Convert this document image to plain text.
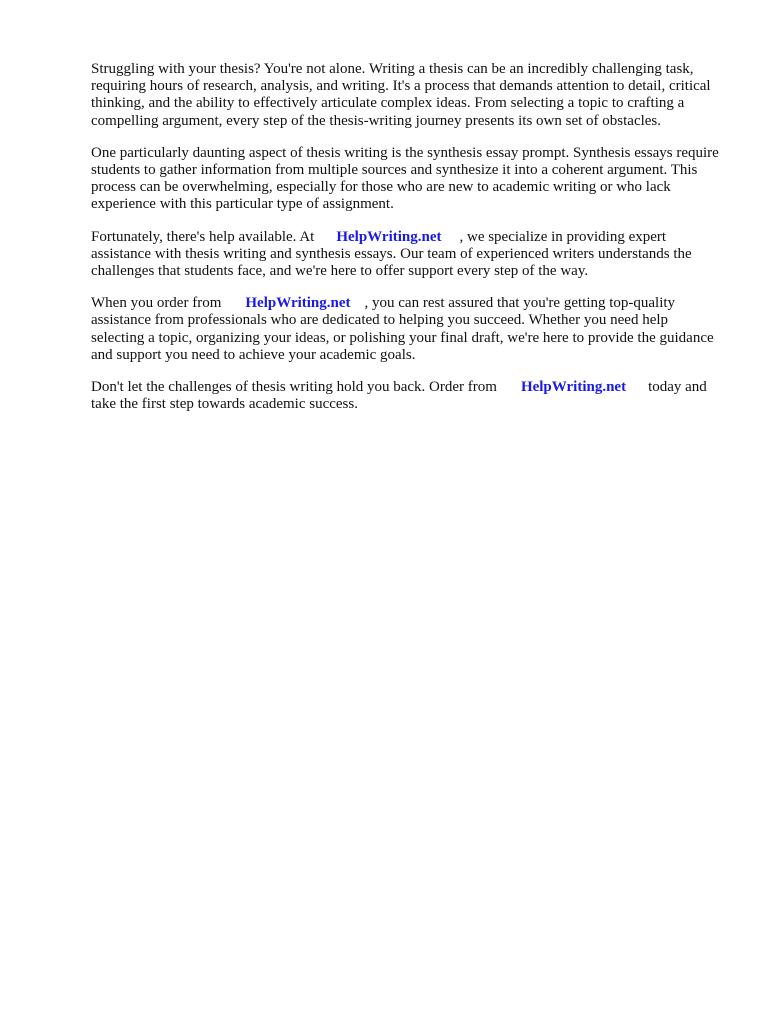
Struggling with your thesis? You're not alone. Writing a thesis can be an incredibly challenging task, requiring hours of research, analysis, and writing. It's a process that demands attention to detail, critical thinking, and the ability to effectively articulate complex ideas. From selecting a topic to crafting a compelling argument, every step of the thesis-writing journey presents its own set of obstacles.

One particularly daunting aspect of thesis writing is the synthesis essay prompt. Synthesis essays require students to gather information from multiple sources and synthesize it into a coherent argument. This process can be overwhelming, especially for those who are new to academic writing or who lack experience with this particular type of assignment.

Fortunately, there's help available. At HelpWriting.net , we specialize in providing expert assistance with thesis writing and synthesis essays. Our team of experienced writers understands the challenges that students face, and we're here to offer support every step of the way.

When you order from HelpWriting.net , you can rest assured that you're getting top-quality assistance from professionals who are dedicated to helping you succeed. Whether you need help selecting a topic, organizing your ideas, or polishing your final draft, we're here to provide the guidance and support you need to achieve your academic goals.

Don't let the challenges of thesis writing hold you back. Order from HelpWriting.net today and take the first step towards academic success.
